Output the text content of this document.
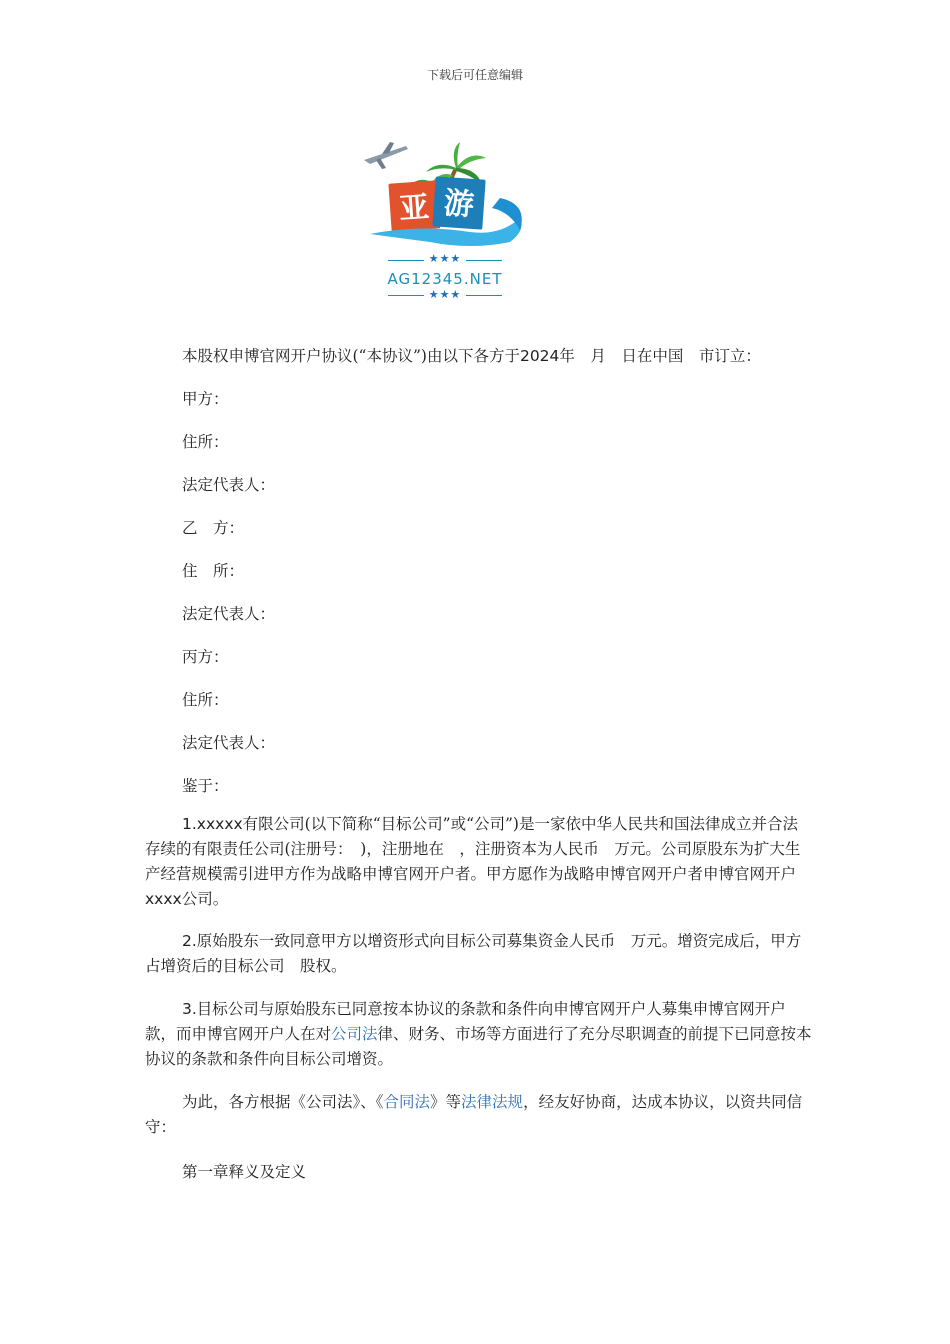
下载后可任意编辑
亚 游
★★★
AG12345.NET
★★★
本股权申博官网开户协议(“本协议”)由以下各方于2024年　月　日在中国　市订立：
甲方：
住所：
法定代表人：
乙　方：
住　所：
法定代表人：
丙方：
住所：
法定代表人：
鉴于：
1.xxxxx有限公司(以下简称“目标公司”或“公司”)是一家依中华人民共和国法律成立并合法存续的有限责任公司(注册号：　)，注册地在　，注册资本为人民币　万元。公司原股东为扩大生产经营规模需引进甲方作为战略申博官网开户者。甲方愿作为战略申博官网开户者申博官网开户xxxx公司。
2.原始股东一致同意甲方以增资形式向目标公司募集资金人民币　万元。增资完成后，甲方占增资后的目标公司　股权。
3.目标公司与原始股东已同意按本协议的条款和条件向申博官网开户人募集申博官网开户款，而申博官网开户人在对公司法律、财务、市场等方面进行了充分尽职调查的前提下已同意按本协议的条款和条件向目标公司增资。
为此，各方根据《公司法》、《合同法》等法律法规，经友好协商，达成本协议，以资共同信守：
第一章释义及定义
